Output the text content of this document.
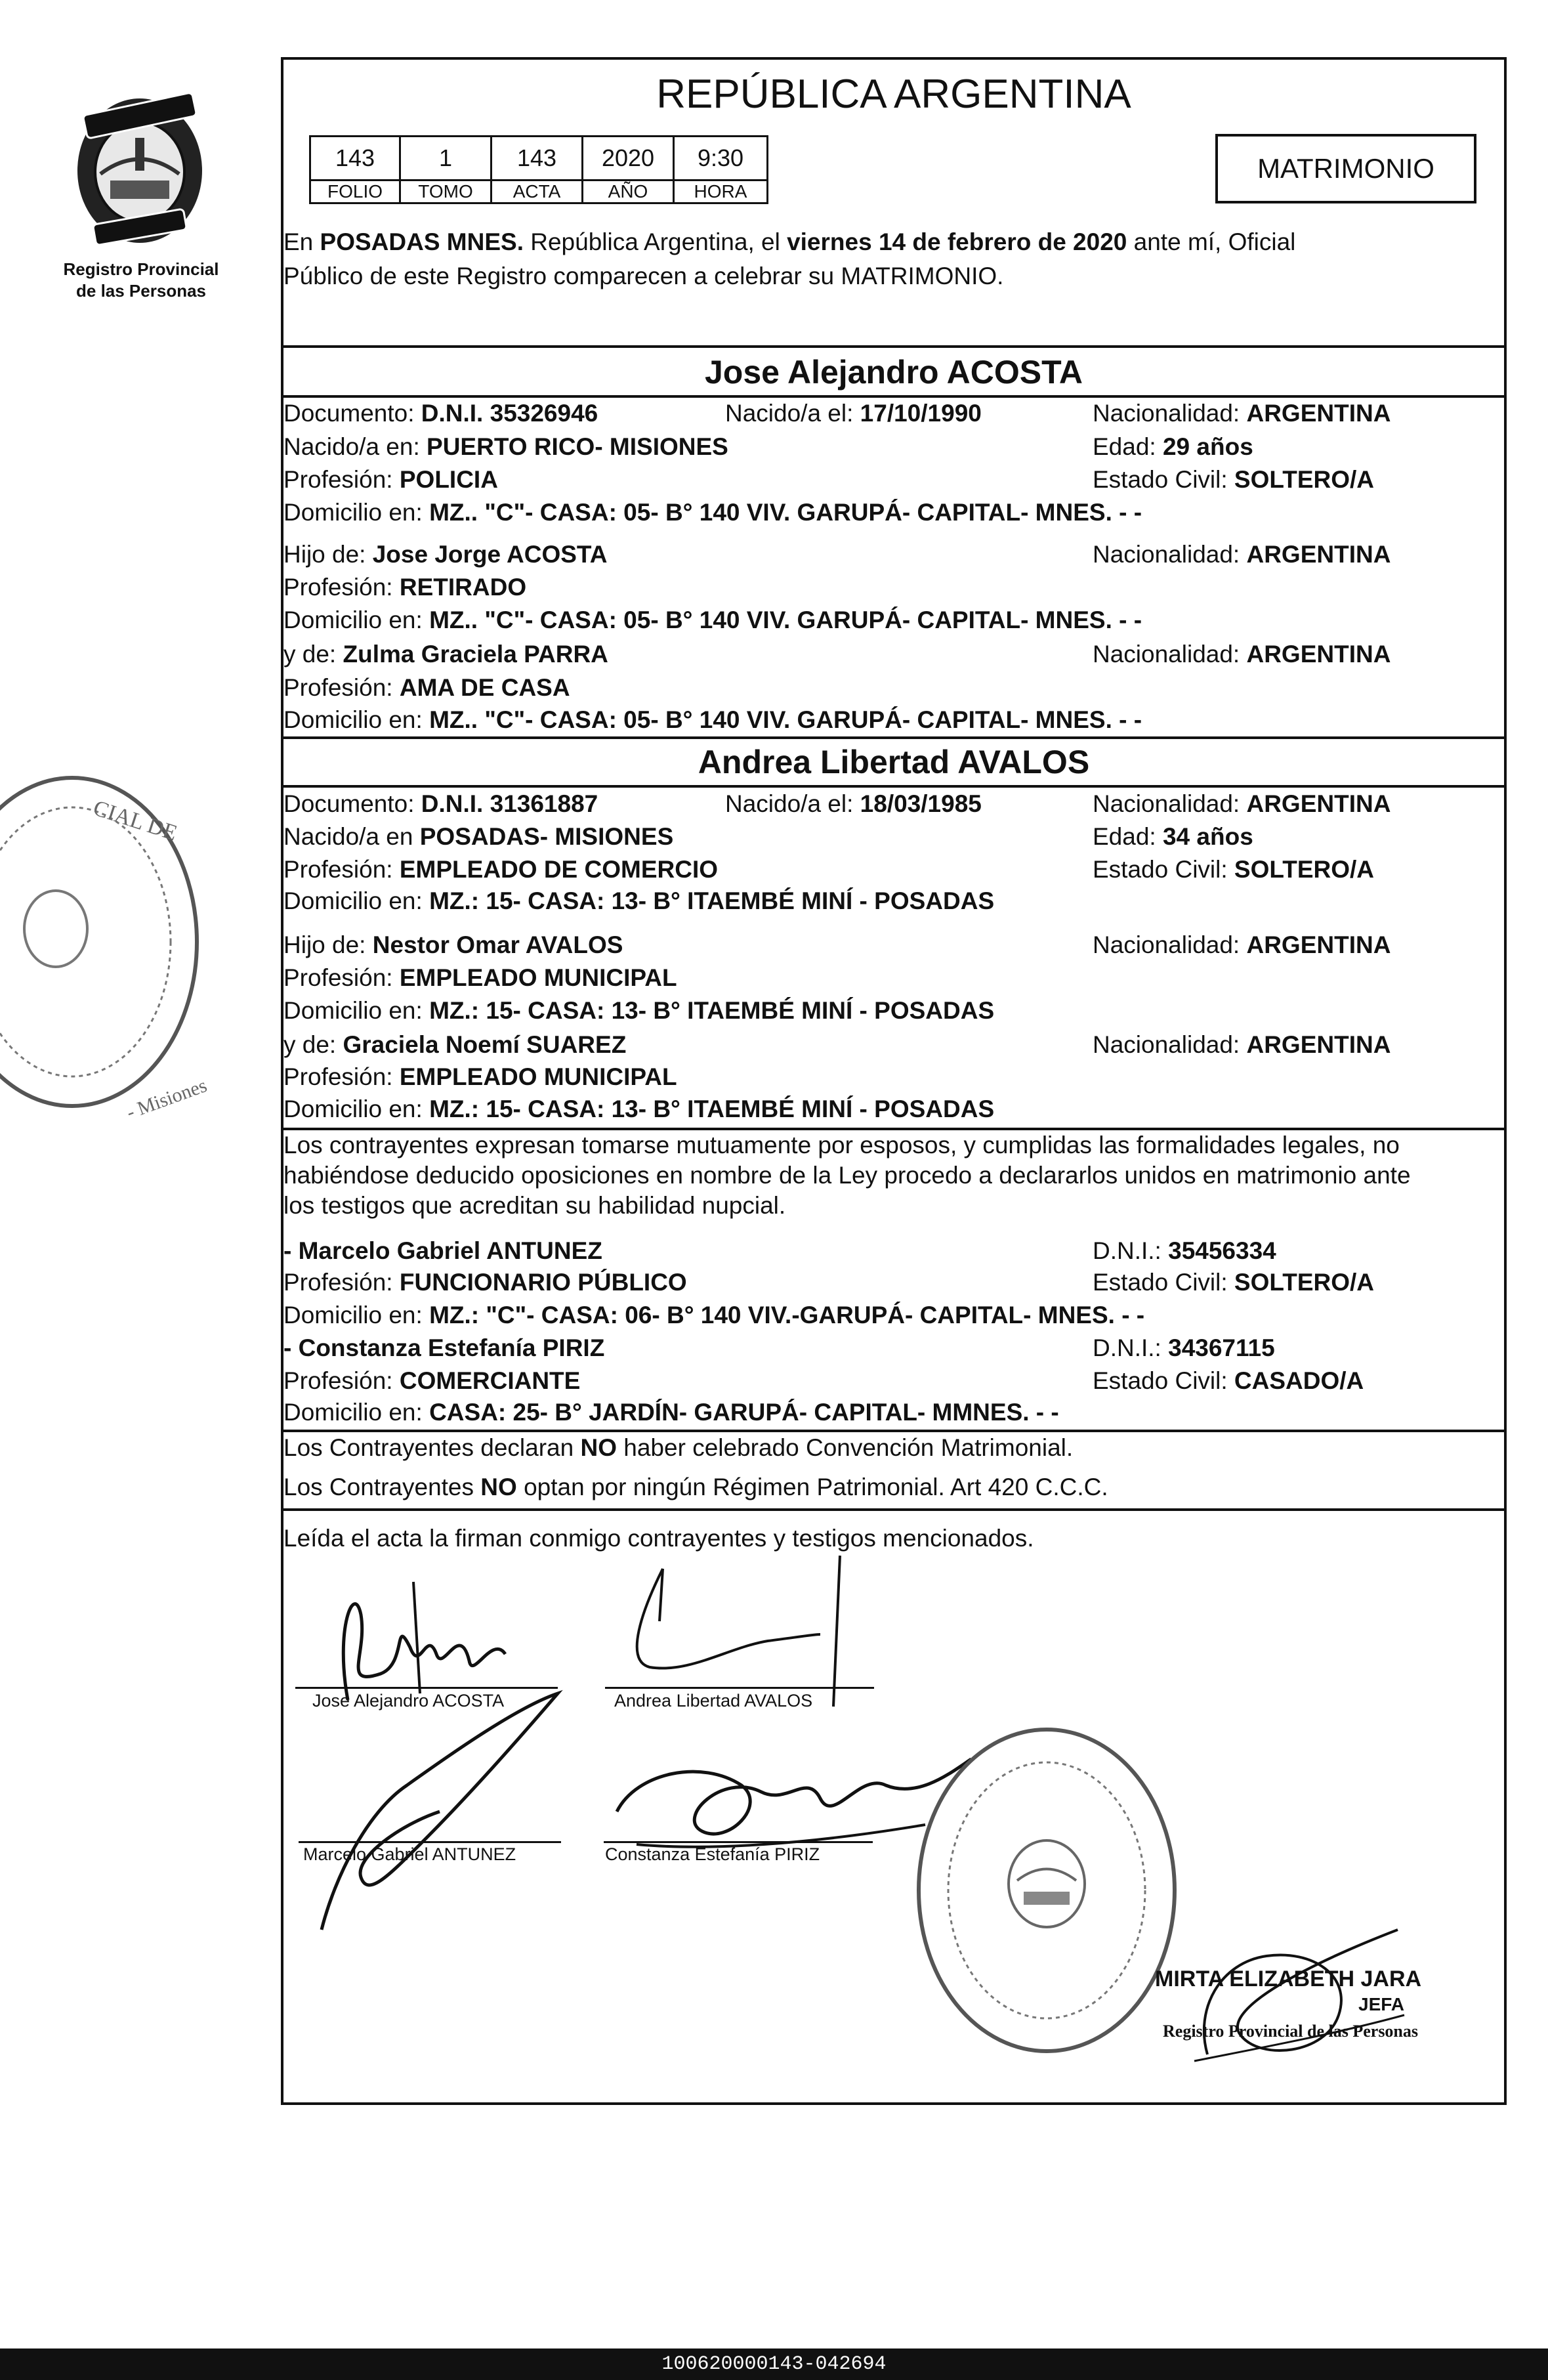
Registro Provincial
de las Personas
CIAL DE
- Misiones
REPÚBLICA ARGENTINA
143	1	143	2020	9:30
FOLIO	TOMO	ACTA	AÑO	HORA
MATRIMONIO
En POSADAS MNES. República Argentina, el viernes 14 de febrero de 2020 ante mí, Oficial
Público de este Registro comparecen a celebrar su MATRIMONIO.
Jose Alejandro ACOSTA
Documento: D.N.I. 35326946	Nacido/a el: 17/10/1990	Nacionalidad: ARGENTINA
Nacido/a en: PUERTO RICO- MISIONES	Edad: 29 años
Profesión: POLICIA	Estado Civil: SOLTERO/A
Domicilio en: MZ.. "C"- CASA: 05- B° 140 VIV. GARUPÁ- CAPITAL- MNES. - -
Hijo de: Jose Jorge ACOSTA	Nacionalidad: ARGENTINA
Profesión: RETIRADO
Domicilio en: MZ.. "C"- CASA: 05- B° 140 VIV. GARUPÁ- CAPITAL- MNES. - -
y de: Zulma Graciela PARRA	Nacionalidad: ARGENTINA
Profesión: AMA DE CASA
Domicilio en: MZ.. "C"- CASA: 05- B° 140 VIV. GARUPÁ- CAPITAL- MNES. - -
Andrea Libertad AVALOS
Documento: D.N.I. 31361887	Nacido/a el: 18/03/1985	Nacionalidad: ARGENTINA
Nacido/a en POSADAS- MISIONES	Edad: 34 años
Profesión: EMPLEADO DE COMERCIO	Estado Civil: SOLTERO/A
Domicilio en: MZ.: 15- CASA: 13- B° ITAEMBÉ MINÍ - POSADAS
Hijo de: Nestor Omar AVALOS	Nacionalidad: ARGENTINA
Profesión: EMPLEADO MUNICIPAL
Domicilio en: MZ.: 15- CASA: 13- B° ITAEMBÉ MINÍ - POSADAS
y de: Graciela Noemí SUAREZ	Nacionalidad: ARGENTINA
Profesión: EMPLEADO MUNICIPAL
Domicilio en: MZ.: 15- CASA: 13- B° ITAEMBÉ MINÍ - POSADAS
Los contrayentes expresan tomarse mutuamente por esposos, y cumplidas las formalidades legales, no
habiéndose deducido oposiciones en nombre de la Ley procedo a declararlos unidos en matrimonio ante
los testigos que acreditan su habilidad nupcial.
- Marcelo Gabriel ANTUNEZ	D.N.I.: 35456334
Profesión: FUNCIONARIO PÚBLICO	Estado Civil: SOLTERO/A
Domicilio en: MZ.: "C"- CASA: 06- B° 140 VIV.-GARUPÁ- CAPITAL- MNES. - -
- Constanza Estefanía PIRIZ	D.N.I.: 34367115
Profesión: COMERCIANTE	Estado Civil: CASADO/A
Domicilio en: CASA: 25- B° JARDÍN- GARUPÁ- CAPITAL- MMNES. - -
Los Contrayentes declaran NO haber celebrado Convención Matrimonial.
Los Contrayentes NO optan por ningún Régimen Patrimonial. Art 420 C.C.C.
Leída el acta la firman conmigo contrayentes y testigos mencionados.
Jose Alejandro ACOSTA	Andrea Libertad AVALOS
Marcelo Gabriel ANTUNEZ	Constanza Estefanía PIRIZ
MIRTA ELIZABETH JARA
JEFA
Registro Provincial de las Personas
100620000143-042694
